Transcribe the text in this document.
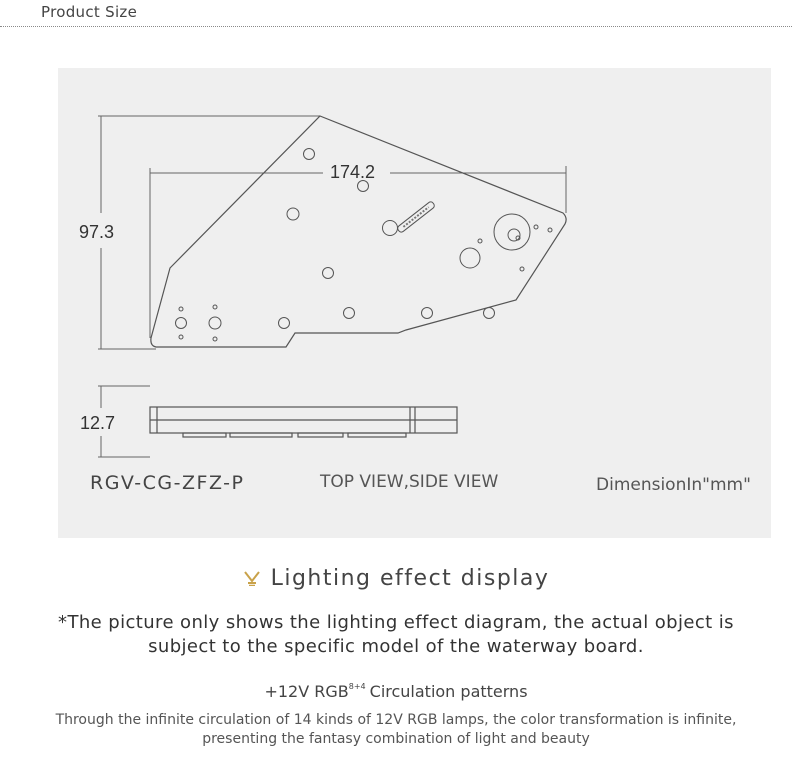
Product Size
97.3
174.2
12.7
RGV-CG-ZFZ-P	TOP VIEW,SIDE VIEW	DimensionIn"mm"
Lighting effect display
*The picture only shows the lighting effect diagram, the actual object is subject to the specific model of the waterway board.
+12V $RGB^{8+4}$ Circulation patterns
Through the infinite circulation of 14 kinds of 12V RGB lamps, the color transformation is infinite, presenting the fantasy combination of light and beauty
